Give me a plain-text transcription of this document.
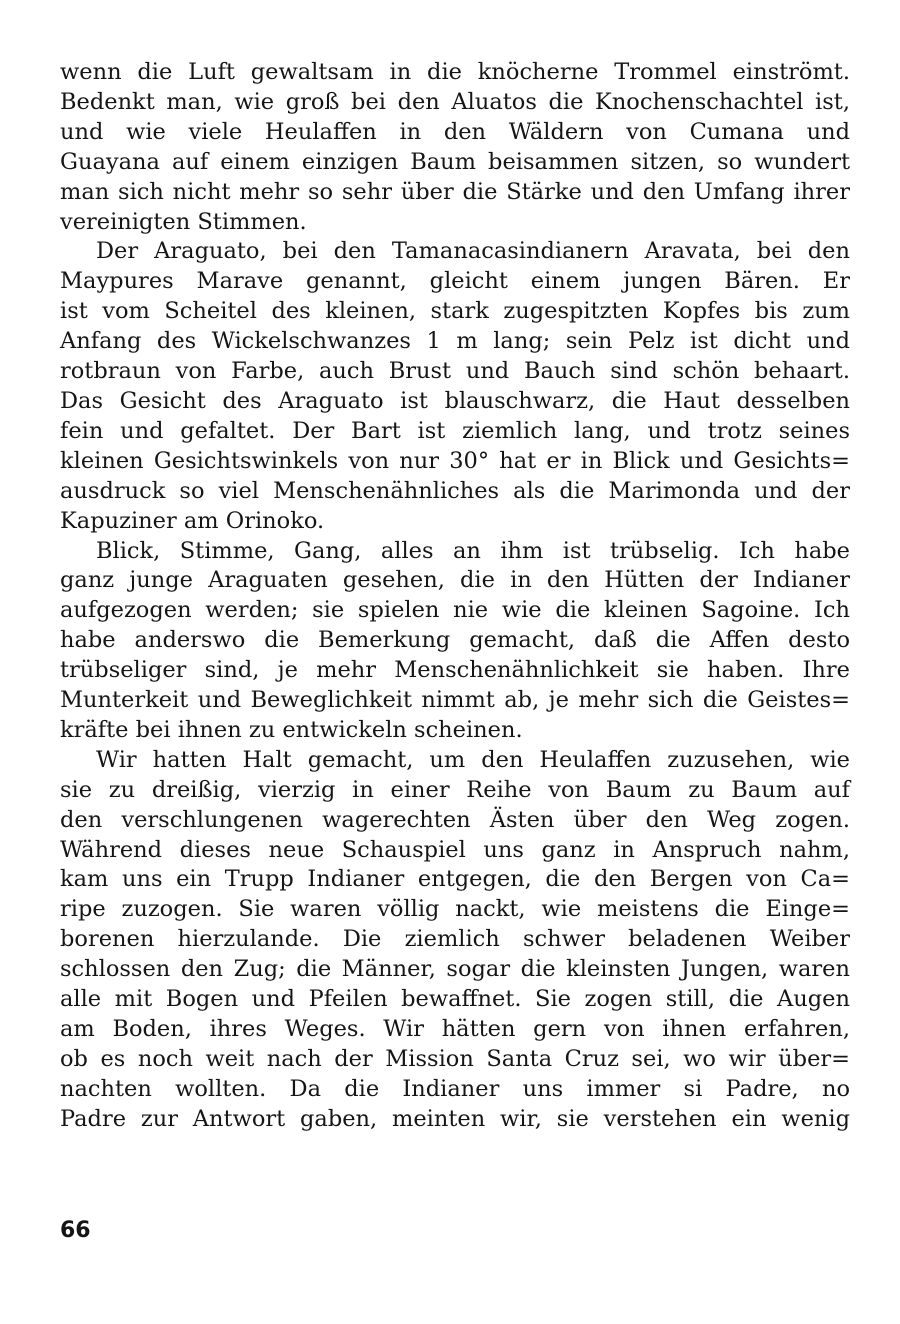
wenn die Luft gewaltsam in die knöcherne Trommel einströmt.
Bedenkt man, wie groß bei den Aluatos die Knochenschachtel ist,
und wie viele Heulaffen in den Wäldern von Cumana und
Guayana auf einem einzigen Baum beisammen sitzen, so wundert
man sich nicht mehr so sehr über die Stärke und den Umfang ihrer
vereinigten Stimmen.

Der Araguato, bei den Tamanacasindianern Aravata, bei den
Maypures Marave genannt, gleicht einem jungen Bären. Er
ist vom Scheitel des kleinen, stark zugespitzten Kopfes bis zum
Anfang des Wickelschwanzes 1 m lang; sein Pelz ist dicht und
rotbraun von Farbe, auch Brust und Bauch sind schön behaart.
Das Gesicht des Araguato ist blauschwarz, die Haut desselben
fein und gefaltet. Der Bart ist ziemlich lang, und trotz seines
kleinen Gesichtswinkels von nur 30° hat er in Blick und Gesichts=
ausdruck so viel Menschenähnliches als die Marimonda und der
Kapuziner am Orinoko.

Blick, Stimme, Gang, alles an ihm ist trübselig. Ich habe
ganz junge Araguaten gesehen, die in den Hütten der Indianer
aufgezogen werden; sie spielen nie wie die kleinen Sagoine. Ich
habe anderswo die Bemerkung gemacht, daß die Affen desto
trübseliger sind, je mehr Menschenähnlichkeit sie haben. Ihre
Munterkeit und Beweglichkeit nimmt ab, je mehr sich die Geistes=
kräfte bei ihnen zu entwickeln scheinen.

Wir hatten Halt gemacht, um den Heulaffen zuzusehen, wie
sie zu dreißig, vierzig in einer Reihe von Baum zu Baum auf
den verschlungenen wagerechten Ästen über den Weg zogen.
Während dieses neue Schauspiel uns ganz in Anspruch nahm,
kam uns ein Trupp Indianer entgegen, die den Bergen von Ca=
ripe zuzogen. Sie waren völlig nackt, wie meistens die Einge=
borenen hierzulande. Die ziemlich schwer beladenen Weiber
schlossen den Zug; die Männer, sogar die kleinsten Jungen, waren
alle mit Bogen und Pfeilen bewaffnet. Sie zogen still, die Augen
am Boden, ihres Weges. Wir hätten gern von ihnen erfahren,
ob es noch weit nach der Mission Santa Cruz sei, wo wir über=
nachten wollten. Da die Indianer uns immer si Padre, no
Padre zur Antwort gaben, meinten wir, sie verstehen ein wenig

66
